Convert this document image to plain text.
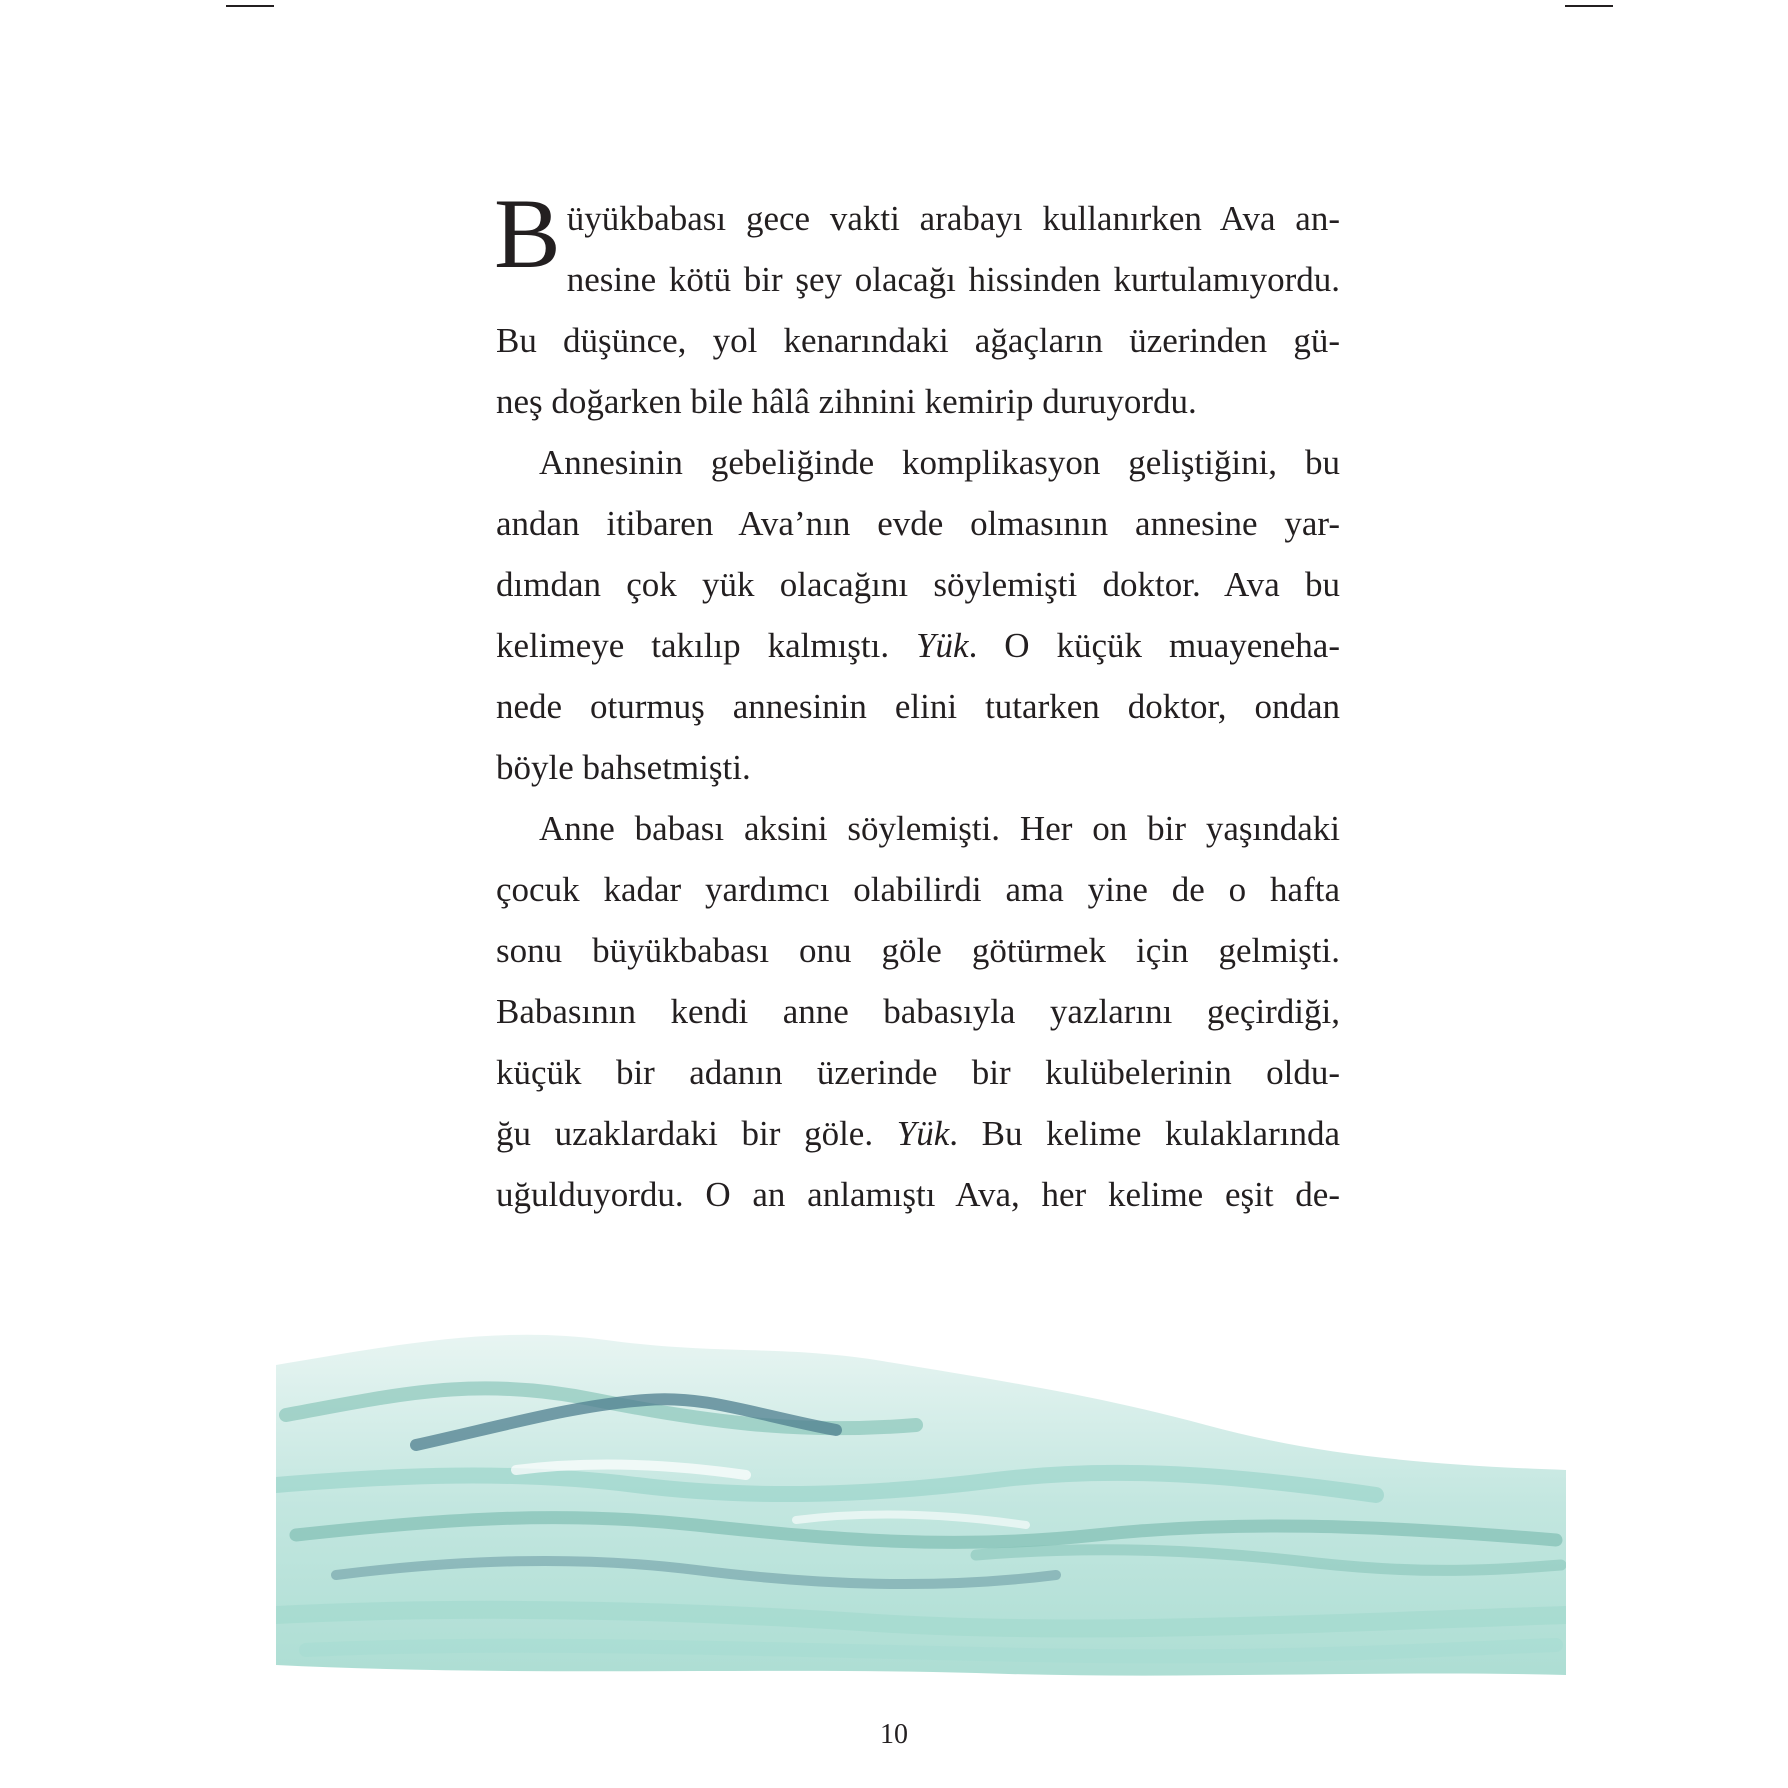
B üyükbabası gece vakti arabayı kullanırken Ava an-
nesine kötü bir şey olacağı hissinden kurtulamıyordu.
Bu düşünce, yol kenarındaki ağaçların üzerinden gü-
neş doğarken bile hâlâ zihnini kemirip duruyordu.
Annesinin gebeliğinde komplikasyon geliştiğini, bu
andan itibaren Ava’nın evde olmasının annesine yar-
dımdan çok yük olacağını söylemişti doktor. Ava bu
kelimeye takılıp kalmıştı. Yük. O küçük muayeneha-
nede oturmuş annesinin elini tutarken doktor, ondan
böyle bahsetmişti.
Anne babası aksini söylemişti. Her on bir yaşındaki
çocuk kadar yardımcı olabilirdi ama yine de o hafta
sonu büyükbabası onu göle götürmek için gelmişti.
Babasının kendi anne babasıyla yazlarını geçirdiği,
küçük bir adanın üzerinde bir kulübelerinin oldu-
ğu uzaklardaki bir göle. Yük. Bu kelime kulaklarında
uğulduyordu. O an anlamıştı Ava, her kelime eşit de-
10
